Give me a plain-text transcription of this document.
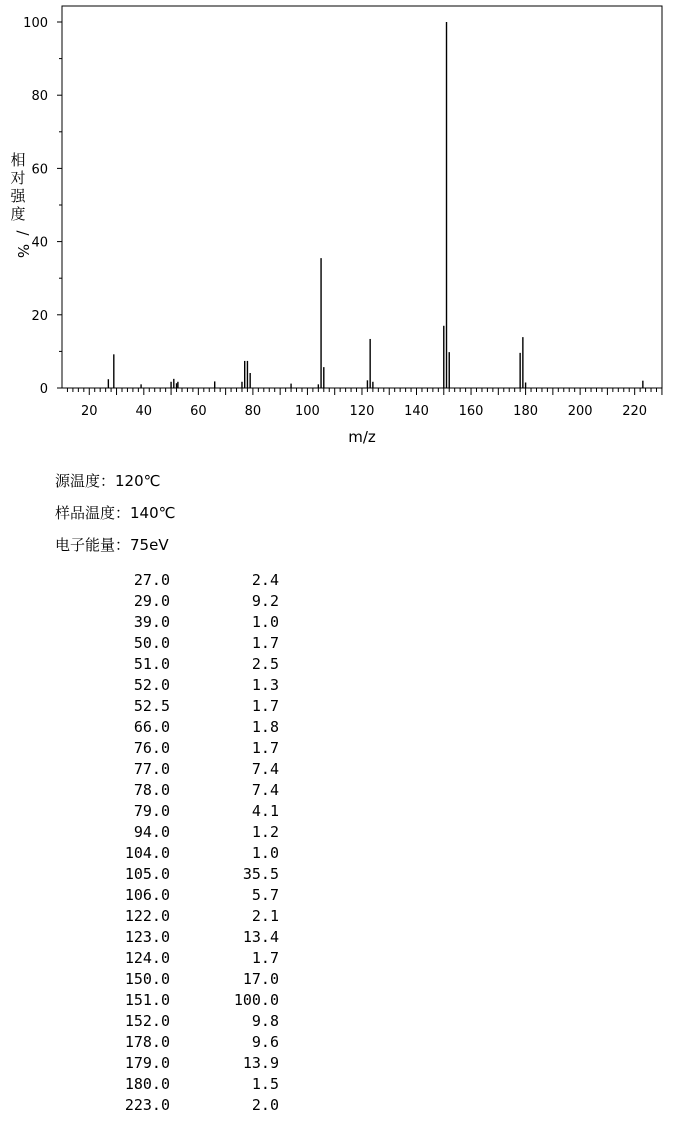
0
20
40
60
80
100
20	40	60	80	100 120 140 160 180 200 220
m/z
相
对
强
度
/
%
源温度：120℃
样品温度：140℃
电子能量：75eV
27.0	2.4
29.0	9.2
39.0	1.0
50.0	1.7
51.0	2.5
52.0	1.3
52.5	1.7
66.0	1.8
76.0	1.7
77.0	7.4
78.0	7.4
79.0	4.1
94.0	1.2
104.0	1.0
105.0	35.5
106.0	5.7
122.0	2.1
123.0	13.4
124.0	1.7
150.0	17.0
151.0	100.0
152.0	9.8
178.0	9.6
179.0	13.9
180.0	1.5
223.0	2.0
